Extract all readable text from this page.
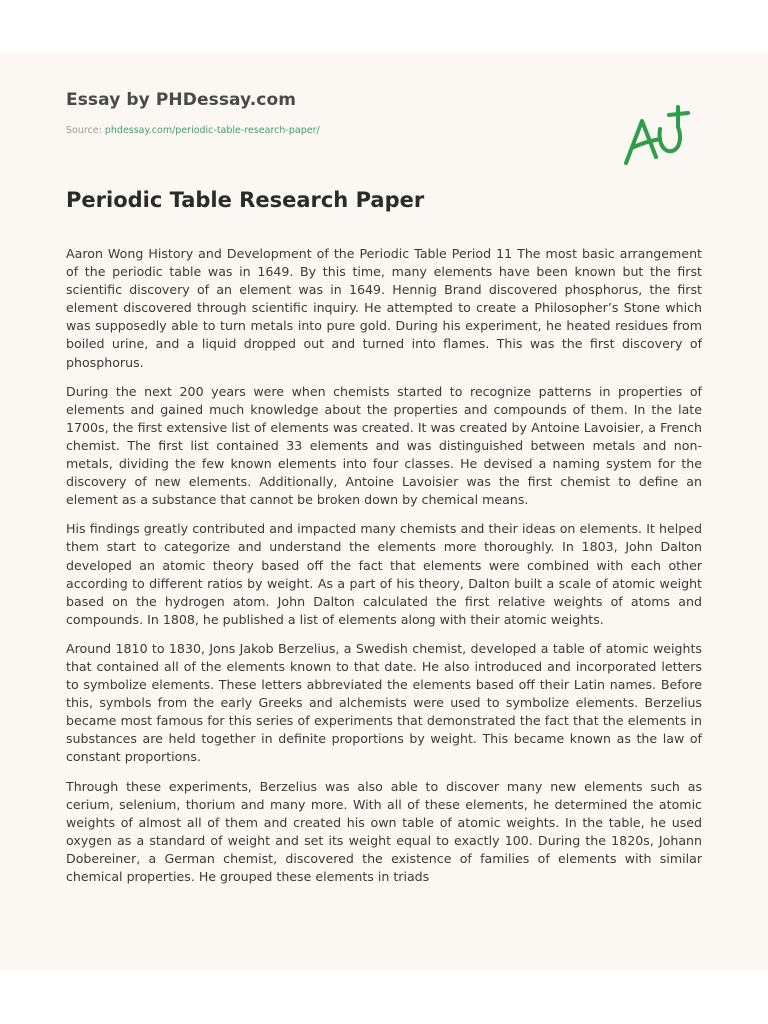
Essay by PHDessay.com
Source: phdessay.com/periodic-table-research-paper/
Periodic Table Research Paper

Aaron Wong History and Development of the Periodic Table Period 11 The most basic arrangement of the periodic table was in 1649. By this time, many elements have been known but the first scientific discovery of an element was in 1649. Hennig Brand discovered phosphorus, the first element discovered through scientific inquiry. He attempted to create a Philosopher’s Stone which was supposedly able to turn metals into pure gold. During his experiment, he heated residues from boiled urine, and a liquid dropped out and turned into flames. This was the first discovery of phosphorus.

During the next 200 years were when chemists started to recognize patterns in properties of elements and gained much knowledge about the properties and compounds of them. In the late 1700s, the first extensive list of elements was created. It was created by Antoine Lavoisier, a French chemist. The first list contained 33 elements and was distinguished between metals and non-metals, dividing the few known elements into four classes. He devised a naming system for the discovery of new elements. Additionally, Antoine Lavoisier was the first chemist to define an element as a substance that cannot be broken down by chemical means.

His findings greatly contributed and impacted many chemists and their ideas on elements. It helped them start to categorize and understand the elements more thoroughly. In 1803, John Dalton developed an atomic theory based off the fact that elements were combined with each other according to different ratios by weight. As a part of his theory, Dalton built a scale of atomic weight based on the hydrogen atom. John Dalton calculated the first relative weights of atoms and compounds. In 1808, he published a list of elements along with their atomic weights.

Around 1810 to 1830, Jons Jakob Berzelius, a Swedish chemist, developed a table of atomic weights that contained all of the elements known to that date. He also introduced and incorporated letters to symbolize elements. These letters abbreviated the elements based off their Latin names. Before this, symbols from the early Greeks and alchemists were used to symbolize elements. Berzelius became most famous for this series of experiments that demonstrated the fact that the elements in substances are held together in definite proportions by weight. This became known as the law of constant proportions.

Through these experiments, Berzelius was also able to discover many new elements such as cerium, selenium, thorium and many more. With all of these elements, he determined the atomic weights of almost all of them and created his own table of atomic weights. In the table, he used oxygen as a standard of weight and set its weight equal to exactly 100. During the 1820s, Johann Dobereiner, a German chemist, discovered the existence of families of elements with similar chemical properties. He grouped these elements in triads
